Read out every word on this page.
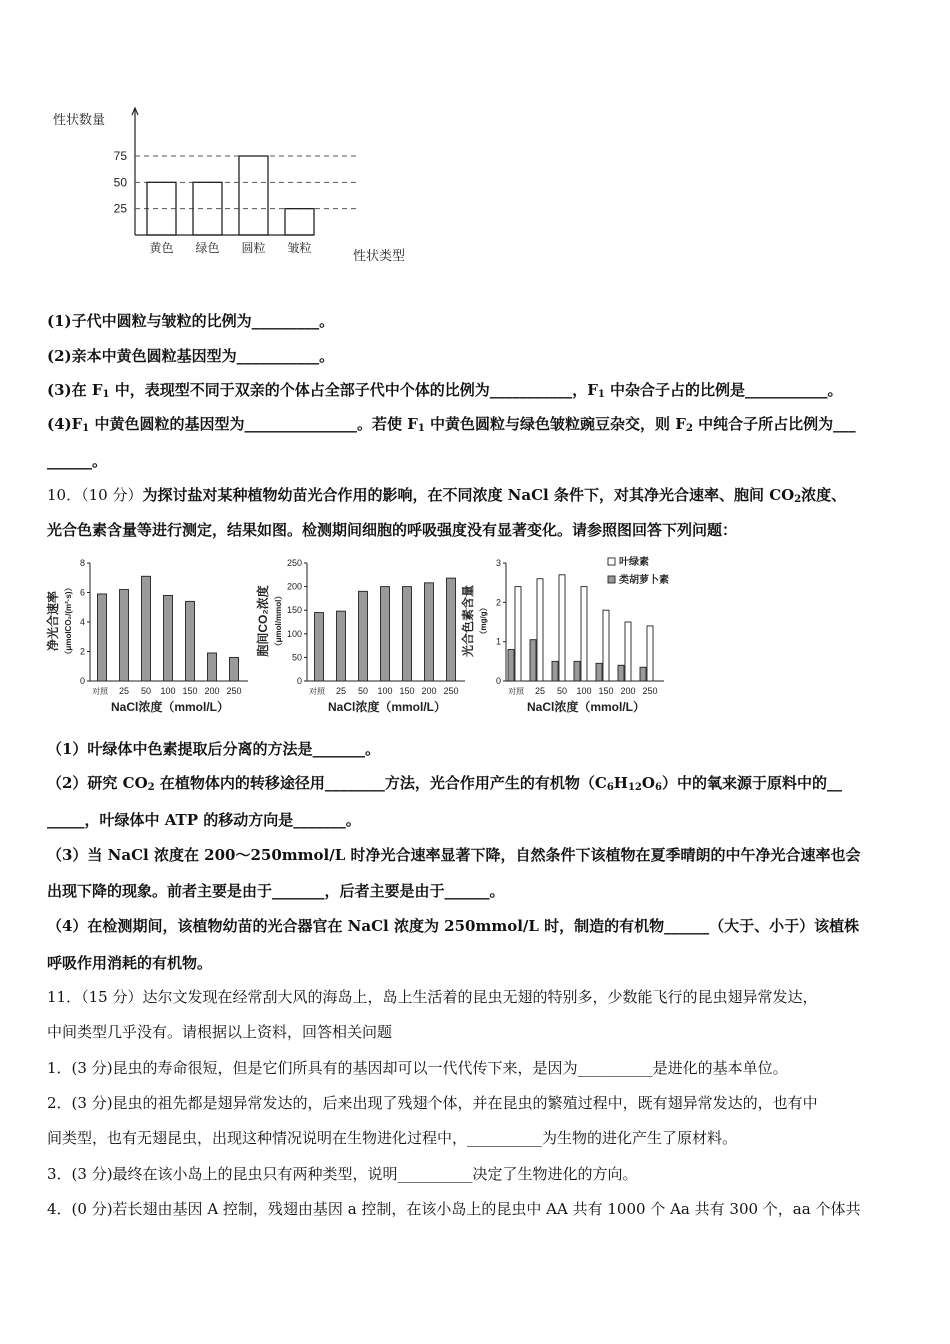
性状数量
性状类型
25
50
75
黄色 绿色 圆粒 皱粒
(1)子代中圆粒与皱粒的比例为_________。
(2)亲本中黄色圆粒基因型为___________。
(3)在 $F_1$ 中，表现型不同于双亲的个体占全部子代中个体的比例为___________，$F_1$ 中杂合子占的比例是___________。
$(4)F_1$ 中黄色圆粒的基因型为_______________。若使 $F_1$ 中黄色圆粒与绿色皱粒豌豆杂交，则 $F_2$ 中纯合子所占比例为___
______。
10．（10 分）为探讨盐对某种植物幼苗光合作用的影响，在不同浓度 NaCl 条件下，对其净光合速率、胞间 $CO_2$浓度、
光合色素含量等进行测定，结果如图。检测期间细胞的呼吸强度没有显著变化。请参照图回答下列问题：
0
2
4
6
8
净光合速率 （μmolCO₂/(m²·s)）
对照 25 50 100 150 200 250
NaCl浓度（mmol/L）
0
50
100
150
200
250
胞间CO₂浓度 （μmol/mmol）
对照 25 50 100 150 200 250
NaCl浓度（mmol/L）
0
1
2
3
光合色素含量 （mg/g）
对照 25 50 100 150 200 250
NaCl浓度（mmol/L）
叶绿素
类胡萝卜素
（1）叶绿体中色素提取后分离的方法是_______。
（2）研究 $CO_2$ 在植物体内的转移途径用________方法，光合作用产生的有机物$(C_6H_{12}O_6)$中的氧来源于原料中的__
_____，叶绿体中 ATP 的移动方向是_______。
（3）当 NaCl 浓度在 200～250mmol/L 时净光合速率显著下降，自然条件下该植物在夏季晴朗的中午净光合速率也会
出现下降的现象。前者主要是由于_______，后者主要是由于______。
（4）在检测期间，该植物幼苗的光合器官在 NaCl 浓度为 250mmol/L 时，制造的有机物______（大于、小于）该植株
呼吸作用消耗的有机物。
11．（15 分）达尔文发现在经常刮大风的海岛上，岛上生活着的昆虫无翅的特别多，少数能飞行的昆虫翅异常发达，
中间类型几乎没有。请根据以上资料，回答相关问题
1．(3 分)昆虫的寿命很短，但是它们所具有的基因却可以一代代传下来，是因为__________是进化的基本单位。
2．(3 分)昆虫的祖先都是翅异常发达的，后来出现了残翅个体，并在昆虫的繁殖过程中，既有翅异常发达的，也有中
间类型，也有无翅昆虫，出现这种情况说明在生物进化过程中，__________为生物的进化产生了原材料。
3．(3 分)最终在该小岛上的昆虫只有两种类型，说明__________决定了生物进化的方向。
4．(0 分)若长翅由基因 A 控制，残翅由基因 a 控制，在该小岛上的昆虫中 AA 共有 1000 个 Aa 共有 300 个，aa 个体共
